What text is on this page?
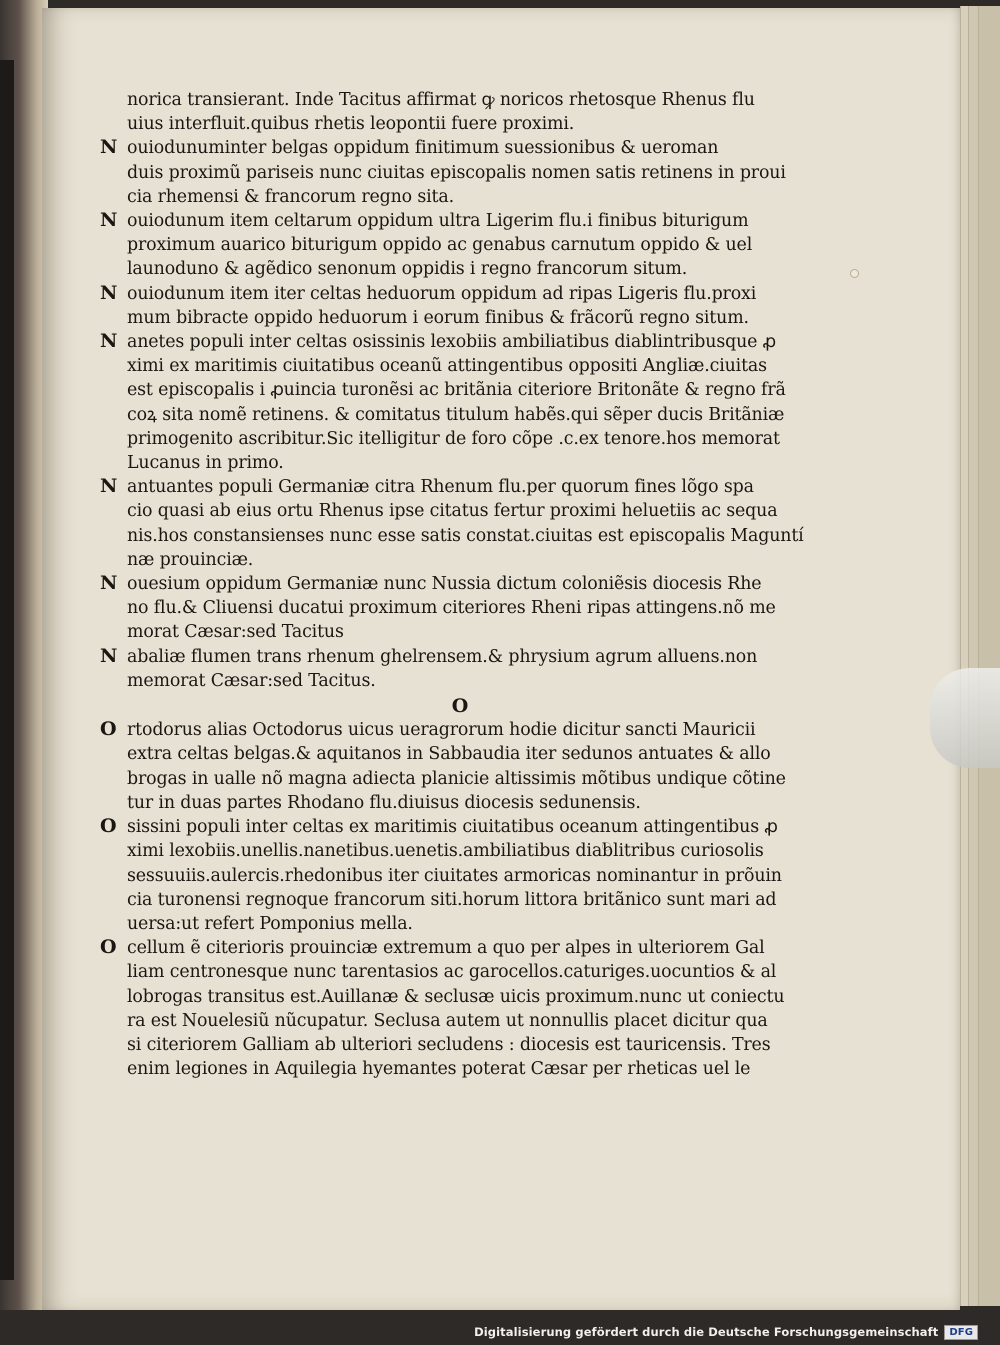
norica transierant. Inde Tacitus affirmat ꝙ noricos rhetosque Rhenus flu
uius interfluit.quibus rhetis leopontii fuere proximi.
N ouiodunuminter belgas oppidum finitimum suessionibus & ueroman
duis proximũ pariseis nunc ciuitas episcopalis nomen satis retinens in proui
cia rhemensi & francorum regno sita.
N ouiodunum item celtarum oppidum ultra Ligerim flu.i finibus biturigum
proximum auarico biturigum oppido ac genabus carnutum oppido & uel
launoduno & agẽdico senonum oppidis i regno francorum situm.
N ouiodunum item iter celtas heduorum oppidum ad ripas Ligeris flu.proxi
mum bibracte oppido heduorum i eorum finibus & frãcorũ regno situm.
N anetes populi inter celtas osissinis lexobiis ambiliatibus diablintribusque ꝓ
ximi ex maritimis ciuitatibus oceanũ attingentibus oppositi Angliæ.ciuitas
est episcopalis i ꝓuincia turonẽsi ac britãnia citeriore Britonãte & regno frã
coꝝ sita nomẽ retinens. & comitatus titulum habẽs.qui sẽper ducis Britãniæ
primogenito ascribitur.Sic itelligitur de foro cõpe .c.ex tenore.hos memorat
Lucanus in primo.
N antuantes populi Germaniæ citra Rhenum flu.per quorum fines lõgo spa
cio quasi ab eius ortu Rhenus ipse citatus fertur proximi heluetiis ac sequa
nis.hos constansienses nunc esse satis constat.ciuitas est episcopalis Maguntí
næ prouinciæ.
N ouesium oppidum Germaniæ nunc Nussia dictum coloniẽsis diocesis Rhe
no flu.& Cliuensi ducatui proximum citeriores Rheni ripas attingens.nõ me
morat Cæsar:sed Tacitus
N abaliæ flumen trans rhenum ghelrensem.& phrysium agrum alluens.non
memorat Cæsar:sed Tacitus.
O
O rtodorus alias Octodorus uicus ueragrorum hodie dicitur sancti Mauricii
extra celtas belgas.& aquitanos in Sabbaudia iter sedunos antuates & allo
brogas in ualle nõ magna adiecta planicie altissimis mõtibus undique cõtine
tur in duas partes Rhodano flu.diuisus diocesis sedunensis.
O sissini populi inter celtas ex maritimis ciuitatibus oceanum attingentibus ꝓ
ximi lexobiis.unellis.nanetibus.uenetis.ambiliatibus diablitribus curiosolis
sessuuiis.aulercis.rhedonibus iter ciuitates armoricas nominantur in prõuin
cia turonensi regnoque francorum siti.horum littora britãnico sunt mari ad
uersa:ut refert Pomponius mella.
O cellum ẽ citerioris prouinciæ extremum a quo per alpes in ulteriorem Gal
liam centronesque nunc tarentasios ac garocellos.caturiges.uocuntios & al
lobrogas transitus est.Auillanæ & seclusæ uicis proximum.nunc ut coniectu
ra est Nouelesiũ nũcupatur. Seclusa autem ut nonnullis placet dicitur qua
si citeriorem Galliam ab ulteriori secludens : diocesis est tauricensis. Tres
enim legiones in Aquilegia hyemantes poterat Cæsar per rheticas uel le
Digitalisierung gefördert durch die Deutsche Forschungsgemeinschaft	DFG
